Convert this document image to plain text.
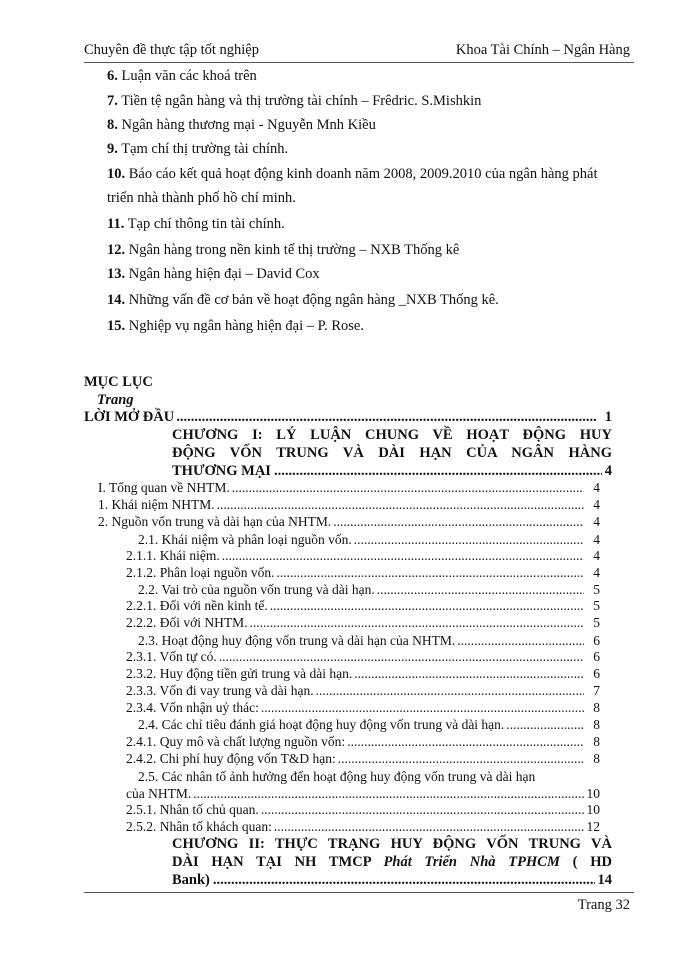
Chuyên đề thực tập tốt nghiệp	Khoa Tài Chính – Ngân Hàng
6. Luận văn các khoá trên
7. Tiền tệ ngân hàng và thị trường tài chính – Frêdric. S.Mishkin
8. Ngân hàng thương mại - Nguyễn Mnh Kiều
9. Tạm chí thị trường tài chính.
10. Báo cáo kết quả hoạt động kinh doanh năm 2008, 2009.2010 của ngân hàng phát
triển nhà thành phố hồ chí minh.
11. Tạp chí thông tin tài chính.
12. Ngân hàng trong nền kinh tế thị trường – NXB Thống kê
13. Ngân hàng hiện đại – David Cox
14. Những vấn đề cơ bản về hoạt động ngân hàng _NXB Thống kê.
15. Nghiệp vụ ngân hàng hiện đại – P. Rose.
MỤC LỤC
Trang
LỜI MỞ ĐẦU .....	1
CHƯƠNG I: LÝ LUẬN CHUNG VỀ HOẠT ĐỘNG HUY
ĐỘNG VỐN TRUNG VÀ DÀI HẠN CỦA NGÂN HÀNG
THƯƠNG MẠI .....	4
I. Tổng quan về NHTM. .....	4
1. Khái niệm NHTM. .....	4
2. Nguồn vốn trung và dài hạn của NHTM. .....	4
2.1. Khái niệm và phân loại nguồn vốn. .....	4
2.1.1. Khái niệm. .....	4
2.1.2. Phân loại nguồn vốn. .....	4
2.2. Vai trò của nguồn vốn trung và dài hạn. .....	5
2.2.1. Đối với nền kinh tế. .....	5
2.2.2. Đối với NHTM. .....	5
2.3. Hoạt động huy động vốn trung và dài hạn của NHTM. .....	6
2.3.1. Vốn tự có. .....	6
2.3.2. Huy động tiền gửi trung và dài hạn. .....	6
2.3.3. Vốn đi vay trung và dài hạn. .....	7
2.3.4. Vốn nhận uỷ thác: .....	8
2.4. Các chỉ tiêu đánh giá hoạt động huy động vốn trung và dài hạn. .....	8
2.4.1. Quy mô và chất lượng nguồn vốn: .....	8
2.4.2. Chi phí huy động vốn T&D hạn: .....	8
2.5. Các nhân tố ảnh hưởng đến hoạt động huy động vốn trung và dài hạn
của NHTM. .....	10
2.5.1. Nhân tố chủ quan. .....	10
2.5.2. Nhân tố khách quan: .....	12
CHƯƠNG II: THỰC TRẠNG HUY ĐỘNG VỐN TRUNG VÀ
DÀI HẠN TẠI NH TMCP Phát Triển Nhà TPHCM ( HD
Bank) .....	14
Trang 32
